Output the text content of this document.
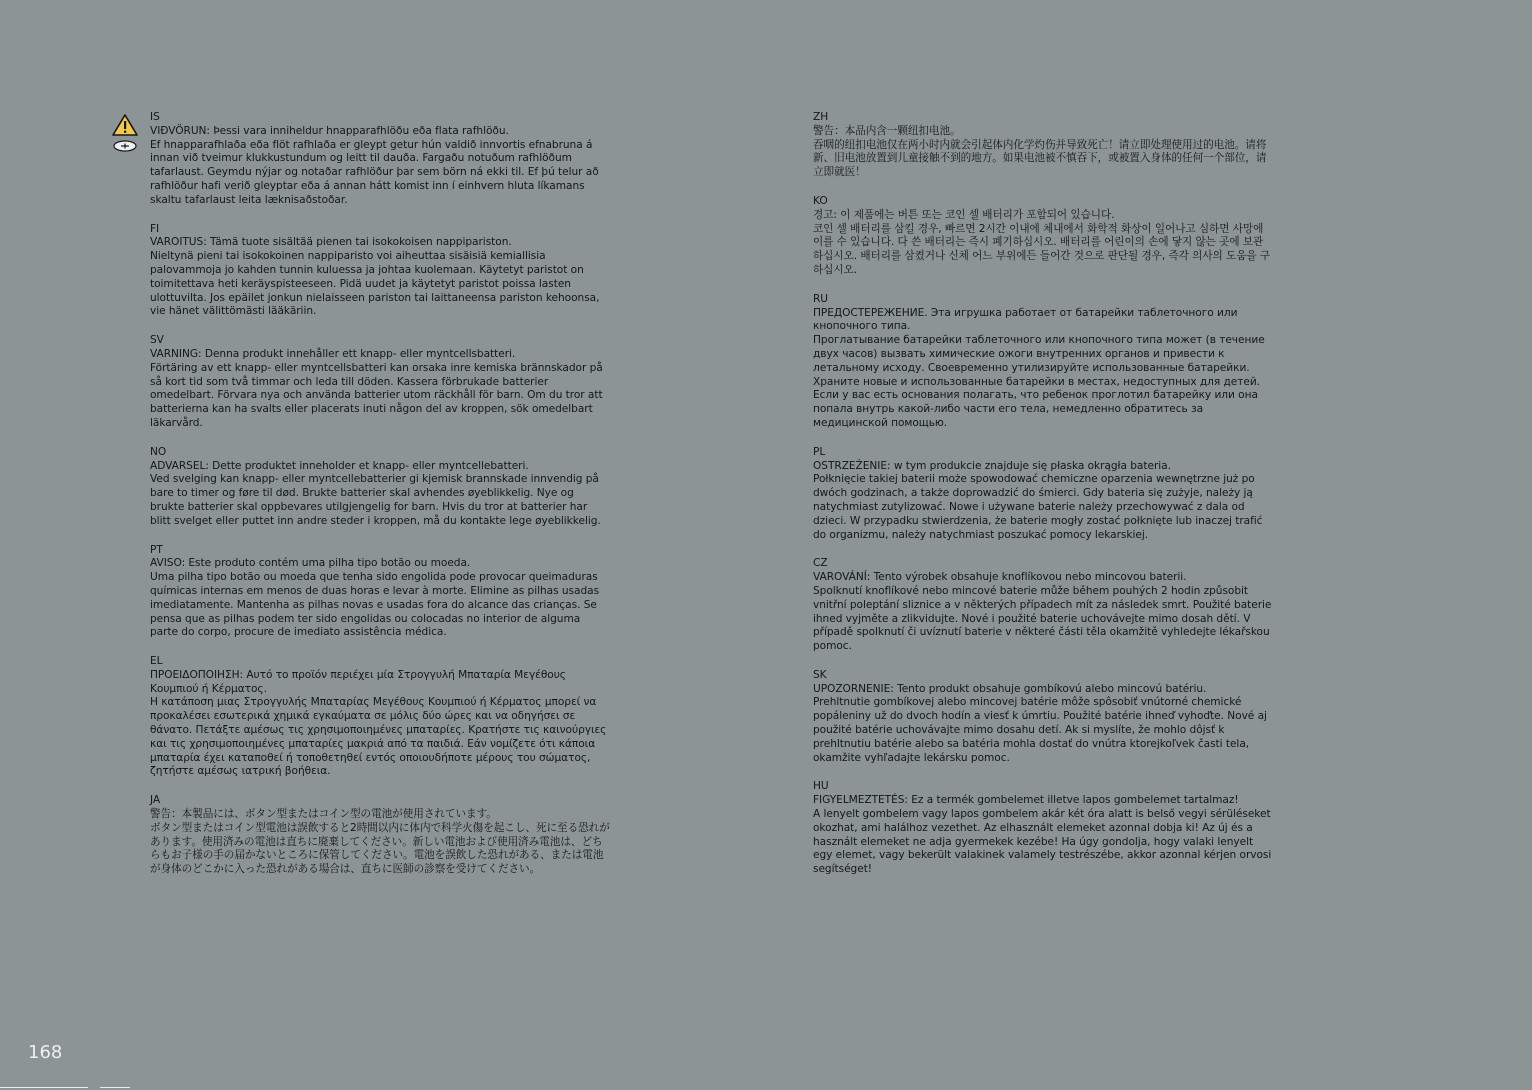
IS
VIÐVÖRUN: Þessi vara inniheldur hnapparafhlöðu eða flata rafhlöðu.
Ef hnapparafhlaða eða flöt rafhlaða er gleypt getur hún valdið innvortis efnabruna á innan við tveimur klukkustundum og leitt til dauða. Fargaðu notuðum rafhlöðum tafarlaust. Geymdu nýjar og notaðar rafhlöður þar sem börn ná ekki til. Ef þú telur að rafhlöður hafi verið gleyptar eða á annan hátt komist inn í einhvern hluta líkamans skaltu tafarlaust leita læknisaðstoðar.
FI
VAROITUS: Tämä tuote sisältää pienen tai isokokoisen nappipariston.
Nieltynä pieni tai isokokoinen nappiparisto voi aiheuttaa sisäisiä kemiallisia palovammoja jo kahden tunnin kuluessa ja johtaa kuolemaan. Käytetyt paristot on toimitettava heti keräyspisteeseen. Pidä uudet ja käytetyt paristot poissa lasten ulottuvilta. Jos epäilet jonkun nielaisseen pariston tai laittaneensa pariston kehoonsa, vie hänet välittömästi lääkäriin.
SV
VARNING: Denna produkt innehåller ett knapp- eller myntcellsbatteri.
Förtäring av ett knapp- eller myntcellsbatteri kan orsaka inre kemiska brännskador på så kort tid som två timmar och leda till döden. Kassera förbrukade batterier omedelbart. Förvara nya och använda batterier utom räckhåll för barn. Om du tror att batterierna kan ha svalts eller placerats inuti någon del av kroppen, sök omedelbart läkarvård.
NO
ADVARSEL: Dette produktet inneholder et knapp- eller myntcellebatteri.
Ved svelging kan knapp- eller myntcellebatterier gi kjemisk brannskade innvendig på bare to timer og føre til død. Brukte batterier skal avhendes øyeblikkelig. Nye og brukte batterier skal oppbevares utilgjengelig for barn. Hvis du tror at batterier har blitt svelget eller puttet inn andre steder i kroppen, må du kontakte lege øyeblikkelig.
PT
AVISO: Este produto contém uma pilha tipo botão ou moeda.
Uma pilha tipo botão ou moeda que tenha sido engolida pode provocar queimaduras químicas internas em menos de duas horas e levar à morte. Elimine as pilhas usadas imediatamente. Mantenha as pilhas novas e usadas fora do alcance das crianças. Se pensa que as pilhas podem ter sido engolidas ou colocadas no interior de alguma parte do corpo, procure de imediato assistência médica.
EL
ΠΡΟΕΙΔΟΠΟΙΗΣΗ: Αυτό το προϊόν περιέχει μία Στρογγυλή Μπαταρία Μεγέθους Κουμπιού ή Κέρματος.
Η κατάποση μιας Στρογγυλής Μπαταρίας Μεγέθους Κουμπιού ή Κέρματος μπορεί να προκαλέσει εσωτερικά χημικά εγκαύματα σε μόλις δύο ώρες και να οδηγήσει σε θάνατο. Πετάξτε αμέσως τις χρησιμοποιημένες μπαταρίες. Κρατήστε τις καινούργιες και τις χρησιμοποιημένες μπαταρίες μακριά από τα παιδιά. Εάν νομίζετε ότι κάποια μπαταρία έχει καταποθεί ή τοποθετηθεί εντός οποιουδήποτε μέρους του σώματος, ζητήστε αμέσως ιατρική βοήθεια.
JA
警告：本製品には、ボタン型またはコイン型の電池が使用されています。
ボタン型またはコイン型電池は誤飲すると2時間以内に体内で科学火傷を起こし、死に至る恐れがあります。使用済みの電池は直ちに廃棄してください。新しい電池および使用済み電池は、どちらもお子様の手の届かないところに保管してください。電池を誤飲した恐れがある、または電池が身体のどこかに入った恐れがある場合は、直ちに医師の診察を受けてください。
ZH
警告：本品内含一颗纽扣电池。
吞咽的纽扣电池仅在两小时内就会引起体内化学灼伤并导致死亡！请立即处理使用过的电池。请将新、旧电池放置到儿童接触不到的地方。如果电池被不慎吞下，或被置入身体的任何一个部位，请立即就医！
KO
경고: 이 제품에는 버튼 또는 코인 셀 배터리가 포함되어 있습니다.
코인 셀 배터리를 삼킬 경우, 빠르면 2시간 이내에 체내에서 화학적 화상이 일어나고 심하면 사망에 이를 수 있습니다. 다 쓴 배터리는 즉시 폐기하십시오. 배터리를 어린이의 손에 닿지 않는 곳에 보관하십시오. 배터리를 삼켰거나 신체 어느 부위에든 들어간 것으로 판단될 경우, 즉각 의사의 도움을 구하십시오.
RU
ПРЕДОСТЕРЕЖЕНИЕ. Эта игрушка работает от батарейки таблеточного или кнопочного типа.
Проглатывание батарейки таблеточного или кнопочного типа может (в течение двух часов) вызвать химические ожоги внутренних органов и привести к летальному исходу. Своевременно утилизируйте использованные батарейки. Храните новые и использованные батарейки в местах, недоступных для детей. Если у вас есть основания полагать, что ребенок проглотил батарейку или она попала внутрь какой-либо части его тела, немедленно обратитесь за медицинской помощью.
PL
OSTRZEŻENIE: w tym produkcie znajduje się płaska okrągła bateria.
Połknięcie takiej baterii może spowodować chemiczne oparzenia wewnętrzne już po dwóch godzinach, a także doprowadzić do śmierci. Gdy bateria się zużyje, należy ją natychmiast zutylizować. Nowe i używane baterie należy przechowywać z dala od dzieci. W przypadku stwierdzenia, że baterie mogły zostać połknięte lub inaczej trafić do organizmu, należy natychmiast poszukać pomocy lekarskiej.
CZ
VAROVÁNÍ: Tento výrobek obsahuje knoflíkovou nebo mincovou baterii.
Spolknutí knoflíkové nebo mincové baterie může během pouhých 2 hodin způsobit vnitřní poleptání sliznice a v některých případech mít za následek smrt. Použité baterie ihned vyjměte a zlikvidujte. Nové i použité baterie uchovávejte mimo dosah dětí. V případě spolknutí či uvíznutí baterie v některé části těla okamžitě vyhledejte lékařskou pomoc.
SK
UPOZORNENIE: Tento produkt obsahuje gombíkovú alebo mincovú batériu.
Prehltnutie gombíkovej alebo mincovej batérie môže spôsobiť vnútorné chemické popáleniny už do dvoch hodín a viesť k úmrtiu. Použité batérie ihneď vyhoďte. Nové aj použité batérie uchovávajte mimo dosahu detí. Ak si myslíte, že mohlo dôjsť k prehltnutiu batérie alebo sa batéria mohla dostať do vnútra ktorejkoľvek časti tela, okamžite vyhľadajte lekársku pomoc.
HU
FIGYELMEZTETÉS: Ez a termék gombelemet illetve lapos gombelemet tartalmaz!
A lenyelt gombelem vagy lapos gombelem akár két óra alatt is belső vegyi sérüléseket okozhat, ami halálhoz vezethet. Az elhasznált elemeket azonnal dobja ki! Az új és a használt elemeket ne adja gyermekek kezébe! Ha úgy gondolja, hogy valaki lenyelt egy elemet, vagy bekerült valakinek valamely testrészébe, akkor azonnal kérjen orvosi segítséget!
168
